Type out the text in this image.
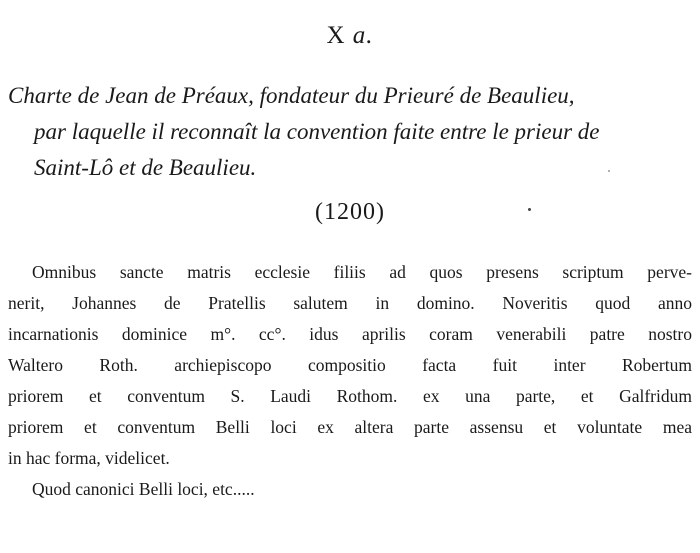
X a.
Charte de Jean de Préaux, fondateur du Prieuré de Beaulieu,
par laquelle il reconnaît la convention faite entre le prieur de
Saint-Lô et de Beaulieu.
(1200)
Omnibus sancte matris ecclesie filiis ad quos presens scriptum perve-
nerit, Johannes de Pratellis salutem in domino. Noveritis quod anno
incarnationis dominice m°. cc°. idus aprilis coram venerabili patre nostro
Waltero Roth. archiepiscopo compositio facta fuit inter Robertum
priorem et conventum S. Laudi Rothom. ex una parte, et Galfridum
priorem et conventum Belli loci ex altera parte assensu et voluntate mea
in hac forma, videlicet.
Quod canonici Belli loci, etc.....
